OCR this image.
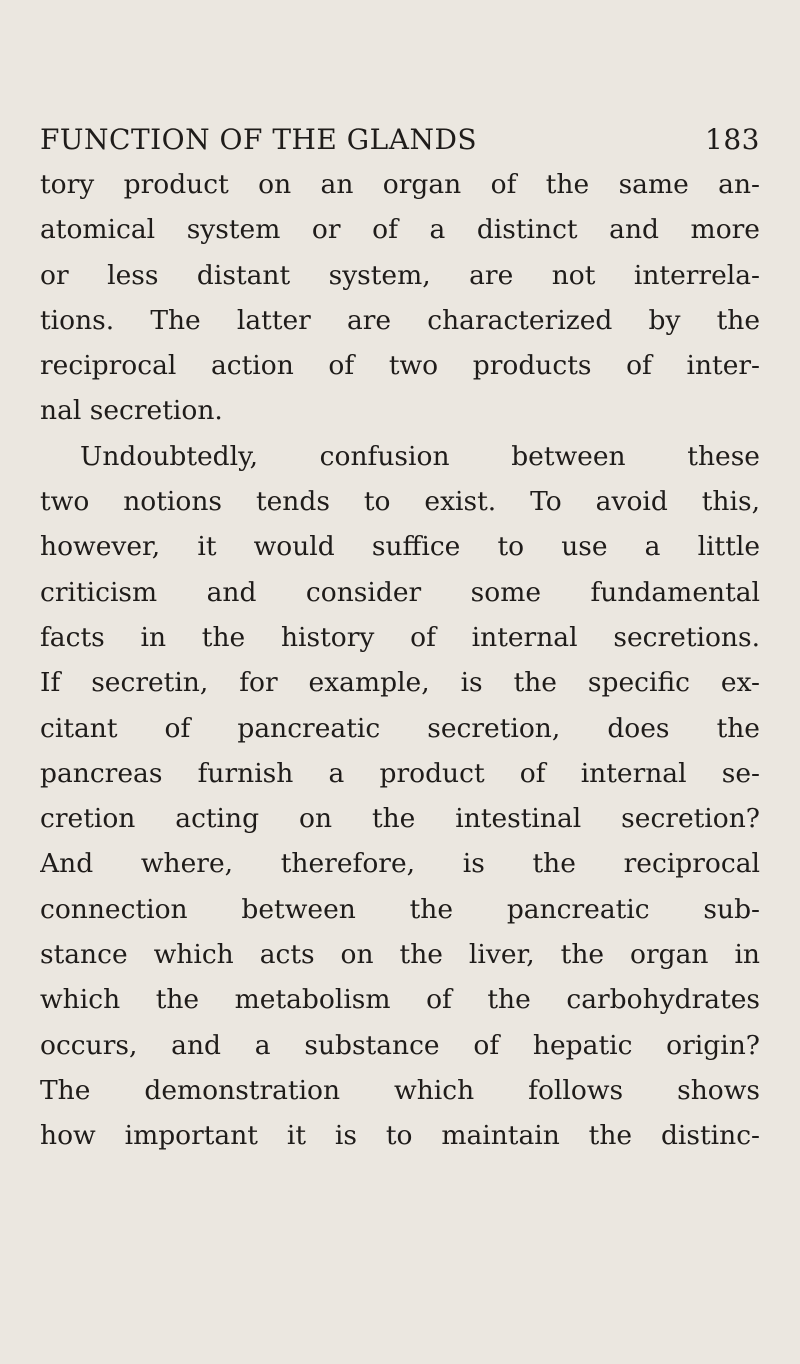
FUNCTION OF THE GLANDS	183
tory product on an organ of the same an-
atomical system or of a distinct and more
or less distant system, are not interrela-
tions. The latter are characterized by the
reciprocal action of two products of inter-
nal secretion.
Undoubtedly, confusion between these
two notions tends to exist. To avoid this,
however, it would suffice to use a little
criticism and consider some fundamental
facts in the history of internal secretions.
If secretin, for example, is the specific ex-
citant of pancreatic secretion, does the
pancreas furnish a product of internal se-
cretion acting on the intestinal secretion?
And where, therefore, is the reciprocal
connection between the pancreatic sub-
stance which acts on the liver, the organ in
which the metabolism of the carbohydrates
occurs, and a substance of hepatic origin?
The demonstration which follows shows
how important it is to maintain the distinc-
